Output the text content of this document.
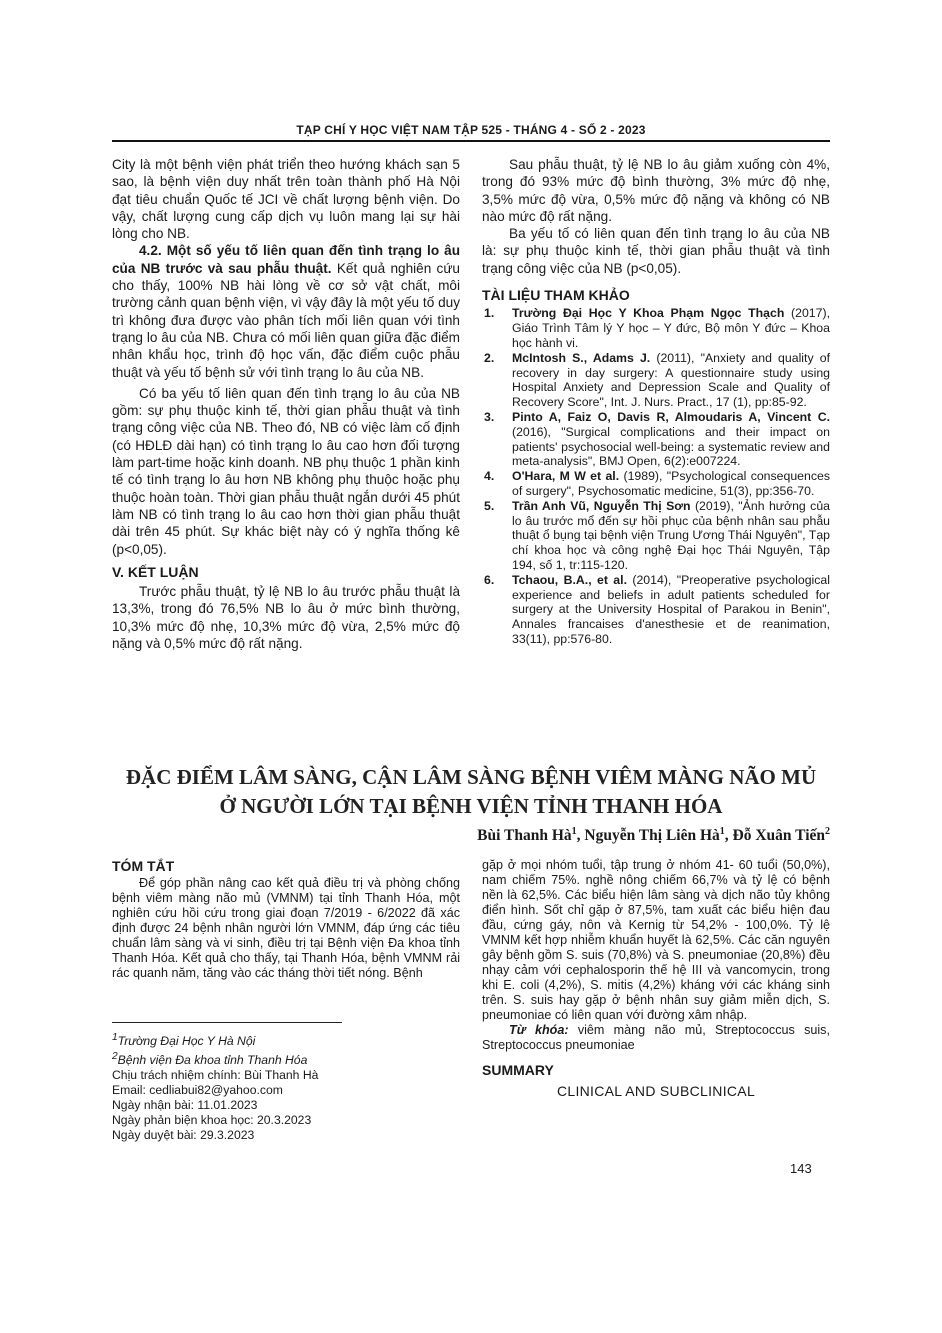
TẠP CHÍ Y HỌC VIỆT NAM TẬP 525 - THÁNG 4 - SỐ 2 - 2023

City là một bệnh viện phát triển theo hướng khách sạn 5 sao, là bệnh viện duy nhất trên toàn thành phố Hà Nội đạt tiêu chuẩn Quốc tế JCI về chất lượng bệnh viện. Do vậy, chất lượng cung cấp dịch vụ luôn mang lại sự hài lòng cho NB.

4.2. Một số yếu tố liên quan đến tình trạng lo âu của NB trước và sau phẫu thuật. Kết quả nghiên cứu cho thấy, 100% NB hài lòng về cơ sở vật chất, môi trường cảnh quan bệnh viện, vì vậy đây là một yếu tố duy trì không đưa được vào phân tích mối liên quan với tình trạng lo âu của NB. Chưa có mối liên quan giữa đặc điểm nhân khẩu học, trình độ học vấn, đặc điểm cuộc phẫu thuật và yếu tố bệnh sử với tình trạng lo âu của NB.

Có ba yếu tố liên quan đến tình trạng lo âu của NB gồm: sự phụ thuộc kinh tế, thời gian phẫu thuật và tình trạng công việc của NB. Theo đó, NB có việc làm cố định (có HĐLĐ dài hạn) có tình trạng lo âu cao hơn đối tượng làm part-time hoặc kinh doanh. NB phụ thuộc 1 phần kinh tế có tình trạng lo âu hơn NB không phụ thuộc hoặc phụ thuộc hoàn toàn. Thời gian phẫu thuật ngắn dưới 45 phút làm NB có tình trạng lo âu cao hơn thời gian phẫu thuật dài trên 45 phút. Sự khác biệt này có ý nghĩa thống kê (p<0,05).

V. KẾT LUẬN

Trước phẫu thuật, tỷ lệ NB lo âu trước phẫu thuật là 13,3%, trong đó 76,5% NB lo âu ở mức bình thường, 10,3% mức độ nhẹ, 10,3% mức độ vừa, 2,5% mức độ nặng và 0,5% mức độ rất nặng.

Sau phẫu thuật, tỷ lệ NB lo âu giảm xuống còn 4%, trong đó 93% mức độ bình thường, 3% mức độ nhẹ, 3,5% mức độ vừa, 0,5% mức độ nặng và không có NB nào mức độ rất nặng.

Ba yếu tố có liên quan đến tình trạng lo âu của NB là: sự phụ thuộc kinh tế, thời gian phẫu thuật và tình trạng công việc của NB (p<0,05).

TÀI LIỆU THAM KHẢO

1. Trường Đại Học Y Khoa Phạm Ngọc Thạch (2017), Giáo Trình Tâm lý Y học – Y đức, Bộ môn Y đức – Khoa học hành vi.

2. McIntosh S., Adams J. (2011), "Anxiety and quality of recovery in day surgery: A questionnaire study using Hospital Anxiety and Depression Scale and Quality of Recovery Score", Int. J. Nurs. Pract., 17 (1), pp:85-92.

3. Pinto A, Faiz O, Davis R, Almoudaris A, Vincent C. (2016), "Surgical complications and their impact on patients' psychosocial well-being: a systematic review and meta-analysis", BMJ Open, 6(2):e007224.

4. O'Hara, M W et al. (1989), "Psychological consequences of surgery", Psychosomatic medicine, 51(3), pp:356-70.

5. Trần Anh Vũ, Nguyễn Thị Sơn (2019), "Ảnh hưởng của lo âu trước mổ đến sự hồi phục của bệnh nhân sau phẫu thuật ổ bụng tại bệnh viện Trung Ương Thái Nguyên", Tạp chí khoa học và công nghệ Đại học Thái Nguyên, Tập 194, số 1, tr:115-120.

6. Tchaou, B.A., et al. (2014), "Preoperative psychological experience and beliefs in adult patients scheduled for surgery at the University Hospital of Parakou in Benin", Annales francaises d'anesthesie et de reanimation, 33(11), pp:576-80.

ĐẶC ĐIỂM LÂM SÀNG, CẬN LÂM SÀNG BỆNH VIÊM MÀNG NÃO MỦ
Ở NGƯỜI LỚN TẠI BỆNH VIỆN TỈNH THANH HÓA
Bùi Thanh $Hà^1$, Nguyễn Thị Liên $Hà^1$, Đỗ Xuân Tiến$^2$
TÓM TẮT

Để góp phần nâng cao kết quả điều trị và phòng chống bệnh viêm màng não mủ (VMNM) tại tỉnh Thanh Hóa, một nghiên cứu hồi cứu trong giai đoạn 7/2019 - 6/2022 đã xác định được 24 bệnh nhân người lớn VMNM, đáp ứng các tiêu chuẩn lâm sàng và vi sinh, điều trị tại Bệnh viện Đa khoa tỉnh Thanh Hóa. Kết quả cho thấy, tại Thanh Hóa, bệnh VMNM rải rác quanh năm, tăng vào các tháng thời tiết nóng. Bệnh

$^1$Trường Đại Học Y Hà Nội
$^2$Bệnh viện Đa khoa tỉnh Thanh Hóa
Chịu trách nhiệm chính: Bùi Thanh Hà
Email: cedliabui82@yahoo.com
Ngày nhận bài: 11.01.2023
Ngày phản biện khoa học: 20.3.2023
Ngày duyệt bài: 29.3.2023

gặp ở mọi nhóm tuổi, tập trung ở nhóm 41- 60 tuổi (50,0%), nam chiếm 75%. nghề nông chiếm 66,7% và tỷ lệ có bệnh nền là 62,5%. Các biểu hiện lâm sàng và dịch não tủy không điển hình. Sốt chỉ gặp ở 87,5%, tam xuất các biểu hiện đau đầu, cứng gáy, nôn và Kernig từ 54,2% - 100,0%. Tỷ lệ VMNM kết hợp nhiễm khuẩn huyết là 62,5%. Các căn nguyên gây bệnh gồm S. suis (70,8%) và S. pneumoniae (20,8%) đều nhạy cảm với cephalosporin thế hệ III và vancomycin, trong khi E. coli (4,2%), S. mitis (4,2%) kháng với các kháng sinh trên. S. suis hay gặp ở bệnh nhân suy giảm miễn dịch, S. pneumoniae có liên quan với đường xâm nhập.

Từ khóa: viêm màng não mủ, Streptococcus suis, Streptococcus pneumoniae

SUMMARY
CLINICAL AND SUBCLINICAL
143
